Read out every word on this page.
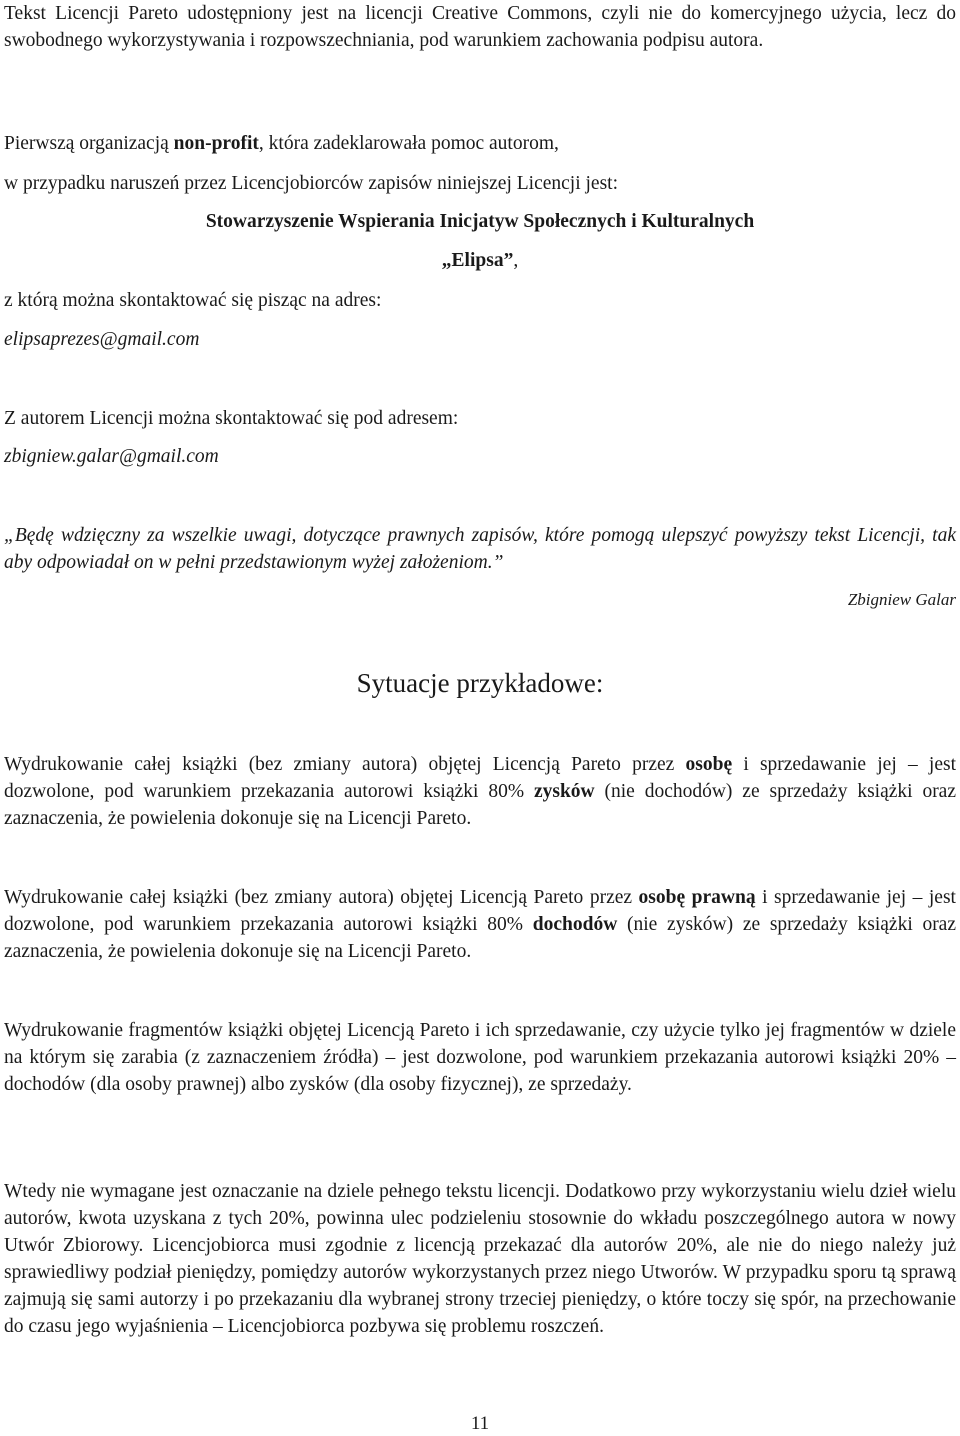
Tekst Licencji Pareto udostępniony jest na licencji Creative Commons, czyli nie do komercyjnego użycia, lecz do swobodnego wykorzystywania i rozpowszechniania, pod warunkiem zachowania podpisu autora.

Pierwszą organizacją non-profit, która zadeklarowała pomoc autorom,

w przypadku naruszeń przez Licencjobiorców zapisów niniejszej Licencji jest:

Stowarzyszenie Wspierania Inicjatyw Społecznych i Kulturalnych

„Elipsa”,

z którą można skontaktować się pisząc na adres:

elipsaprezes@gmail.com

Z autorem Licencji można skontaktować się pod adresem:

zbigniew.galar@gmail.com

„Będę wdzięczny za wszelkie uwagi, dotyczące prawnych zapisów, które pomogą ulepszyć powyższy tekst Licencji, tak aby odpowiadał on w pełni przedstawionym wyżej założeniom.”

Zbigniew Galar

Sytuacje przykładowe:

Wydrukowanie całej książki (bez zmiany autora) objętej Licencją Pareto przez osobę i sprzedawanie jej – jest dozwolone, pod warunkiem przekazania autorowi książki 80% zysków (nie dochodów) ze sprzedaży książki oraz zaznaczenia, że powielenia dokonuje się na Licencji Pareto.

Wydrukowanie całej książki (bez zmiany autora) objętej Licencją Pareto przez osobę prawną i sprzedawanie jej – jest dozwolone, pod warunkiem przekazania autorowi książki 80% dochodów (nie zysków) ze sprzedaży książki oraz zaznaczenia, że powielenia dokonuje się na Licencji Pareto.

Wydrukowanie fragmentów książki objętej Licencją Pareto i ich sprzedawanie, czy użycie tylko jej fragmentów w dziele na którym się zarabia (z zaznaczeniem źródła) – jest dozwolone, pod warunkiem przekazania autorowi książki 20% – dochodów (dla osoby prawnej) albo zysków (dla osoby fizycznej), ze sprzedaży.

Wtedy nie wymagane jest oznaczanie na dziele pełnego tekstu licencji. Dodatkowo przy wykorzystaniu wielu dzieł wielu autorów, kwota uzyskana z tych 20%, powinna ulec podzieleniu stosownie do wkładu poszczególnego autora w nowy Utwór Zbiorowy. Licencjobiorca musi zgodnie z licencją przekazać dla autorów 20%, ale nie do niego należy już sprawiedliwy podział pieniędzy, pomiędzy autorów wykorzystanych przez niego Utworów. W przypadku sporu tą sprawą zajmują się sami autorzy i po przekazaniu dla wybranej strony trzeciej pieniędzy, o które toczy się spór, na przechowanie do czasu jego wyjaśnienia – Licencjobiorca pozbywa się problemu roszczeń.

11
